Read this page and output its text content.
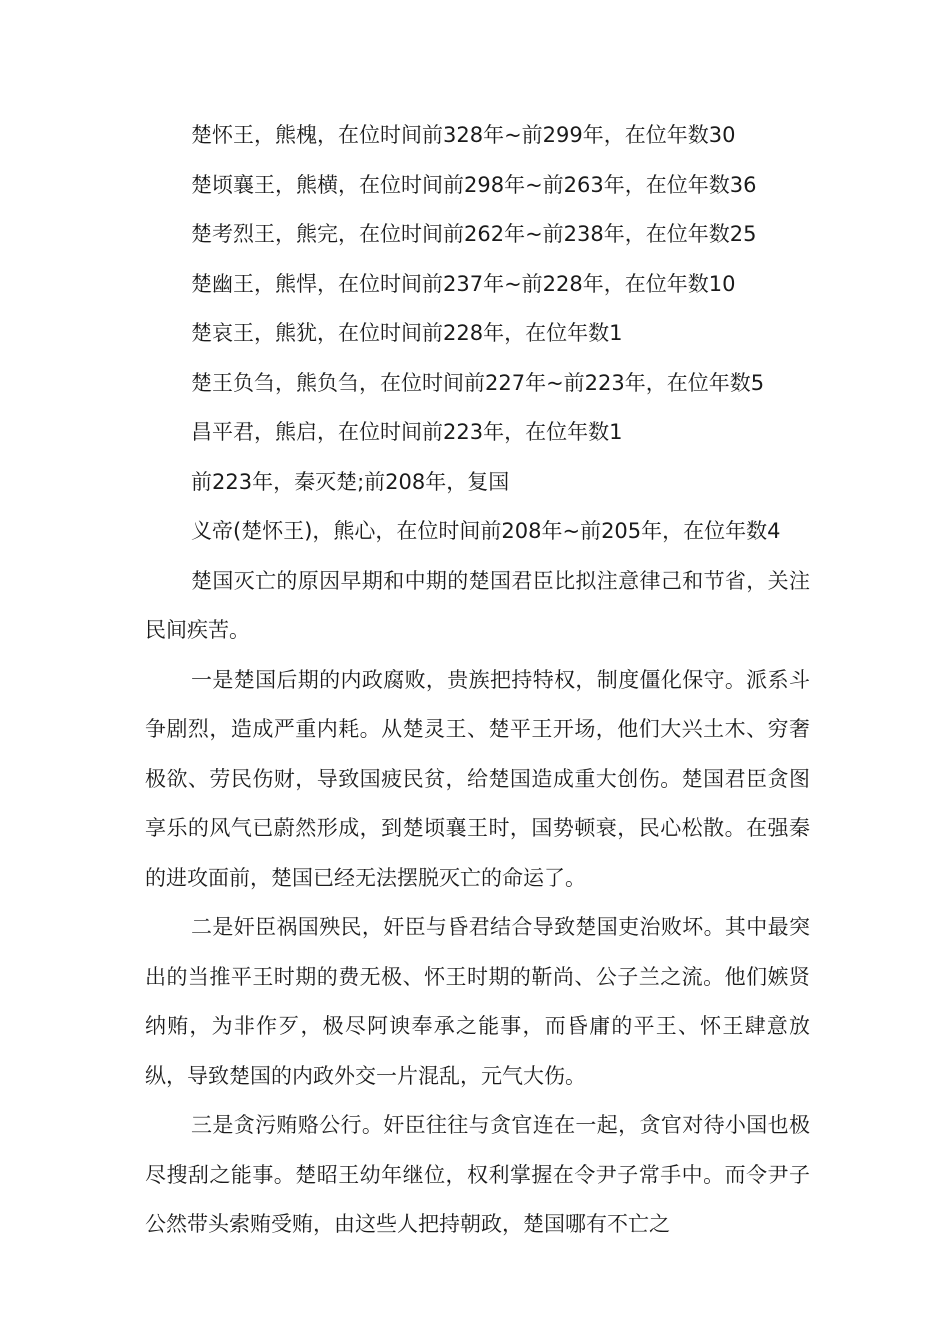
楚怀王，熊槐，在位时间前328年~前299年，在位年数30

楚顷襄王，熊横，在位时间前298年~前263年，在位年数36

楚考烈王，熊完，在位时间前262年~前238年，在位年数25

楚幽王，熊悍，在位时间前237年~前228年，在位年数10

楚哀王，熊犹，在位时间前228年，在位年数1

楚王负刍，熊负刍，在位时间前227年~前223年，在位年数5

昌平君，熊启，在位时间前223年，在位年数1

前223年，秦灭楚;前208年，复国

义帝(楚怀王)，熊心，在位时间前208年~前205年，在位年数4

楚国灭亡的原因早期和中期的楚国君臣比拟注意律己和节省，关注民间疾苦。

一是楚国后期的内政腐败，贵族把持特权，制度僵化保守。派系斗争剧烈，造成严重内耗。从楚灵王、楚平王开场，他们大兴土木、穷奢极欲、劳民伤财，导致国疲民贫，给楚国造成重大创伤。楚国君臣贪图享乐的风气已蔚然形成，到楚顷襄王时，国势顿衰，民心松散。在强秦的进攻面前，楚国已经无法摆脱灭亡的命运了。

二是奸臣祸国殃民，奸臣与昏君结合导致楚国吏治败坏。其中最突出的当推平王时期的费无极、怀王时期的靳尚、公子兰之流。他们嫉贤纳贿，为非作歹，极尽阿谀奉承之能事，而昏庸的平王、怀王肆意放纵，导致楚国的内政外交一片混乱，元气大伤。

三是贪污贿赂公行。奸臣往往与贪官连在一起，贪官对待小国也极尽搜刮之能事。楚昭王幼年继位，权利掌握在令尹子常手中。而令尹子公然带头索贿受贿，由这些人把持朝政，楚国哪有不亡之
